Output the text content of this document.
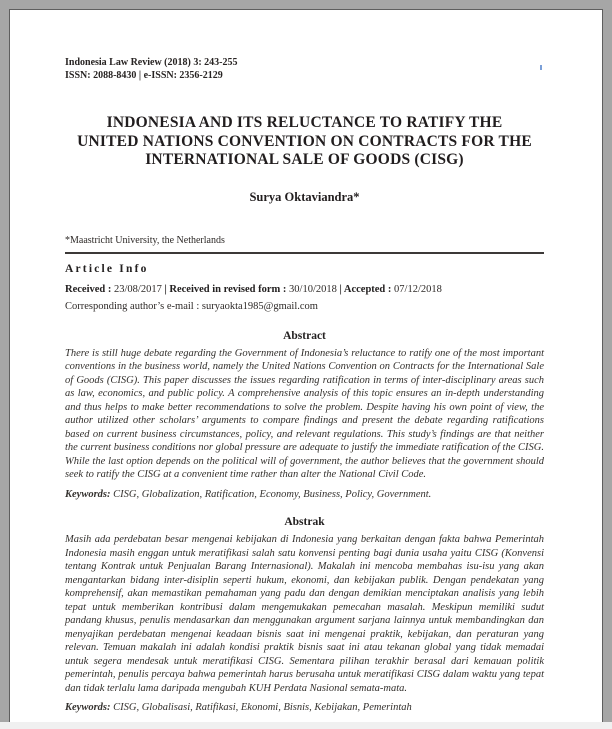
Indonesia Law Review (2018) 3: 243-255
ISSN: 2088-8430 | e-ISSN: 2356-2129
INDONESIA AND ITS RELUCTANCE TO RATIFY THE
UNITED NATIONS CONVENTION ON CONTRACTS FOR THE
INTERNATIONAL SALE OF GOODS (CISG)
Surya Oktaviandra*
*Maastricht University, the Netherlands
Article Info
Received : 23/08/2017 | Received in revised form : 30/10/2018 | Accepted : 07/12/2018
Corresponding author’s e-mail : suryaokta1985@gmail.com
Abstract
There is still huge debate regarding the Government of Indonesia’s reluctance to ratify one of the most important conventions in the business world, namely the United Nations Convention on Contracts for the International Sale of Goods (CISG). This paper discusses the issues regarding ratification in terms of inter-disciplinary areas such as law, economics, and public policy. A comprehensive analysis of this topic ensures an in-depth understanding and thus helps to make better recommendations to solve the problem. Despite having his own point of view, the author utilized other scholars’ arguments to compare findings and present the debate regarding ratifications based on current business circumstances, policy, and relevant regulations. This study’s findings are that neither the current business conditions nor global pressure are adequate to justify the immediate ratification of the CISG. While the last option depends on the political will of government, the author believes that the government should seek to ratify the CISG at a convenient time rather than alter the National Civil Code.
Keywords: CISG, Globalization, Ratification, Economy, Business, Policy, Government.
Abstrak
Masih ada perdebatan besar mengenai kebijakan di Indonesia yang berkaitan dengan fakta bahwa Pemerintah Indonesia masih enggan untuk meratifikasi salah satu konvensi penting bagi dunia usaha yaitu CISG (Konvensi tentang Kontrak untuk Penjualan Barang Internasional). Makalah ini mencoba membahas isu-isu yang akan mengantarkan bidang inter-disiplin seperti hukum, ekonomi, dan kebijakan publik. Dengan pendekatan yang komprehensif, akan memastikan pemahaman yang padu dan dengan demikian menciptakan analisis yang lebih tepat untuk memberikan kontribusi dalam mengemukakan pemecahan masalah. Meskipun memiliki sudut pandang khusus, penulis mendasarkan dan menggunakan argument sarjana lainnya untuk membandingkan dan menyajikan perdebatan mengenai keadaan bisnis saat ini mengenai praktik, kebijakan, dan peraturan yang relevan. Temuan makalah ini adalah kondisi praktik bisnis saat ini atau tekanan global yang tidak memadai untuk segera mendesak untuk meratifikasi CISG. Sementara pilihan terakhir berasal dari kemauan politik pemerintah, penulis percaya bahwa pemerintah harus berusaha untuk meratifikasi CISG dalam waktu yang tepat dan tidak terlalu lama daripada mengubah KUH Perdata Nasional semata-mata.
Keywords: CISG, Globalisasi, Ratifikasi, Ekonomi, Bisnis, Kebijakan, Pemerintah
